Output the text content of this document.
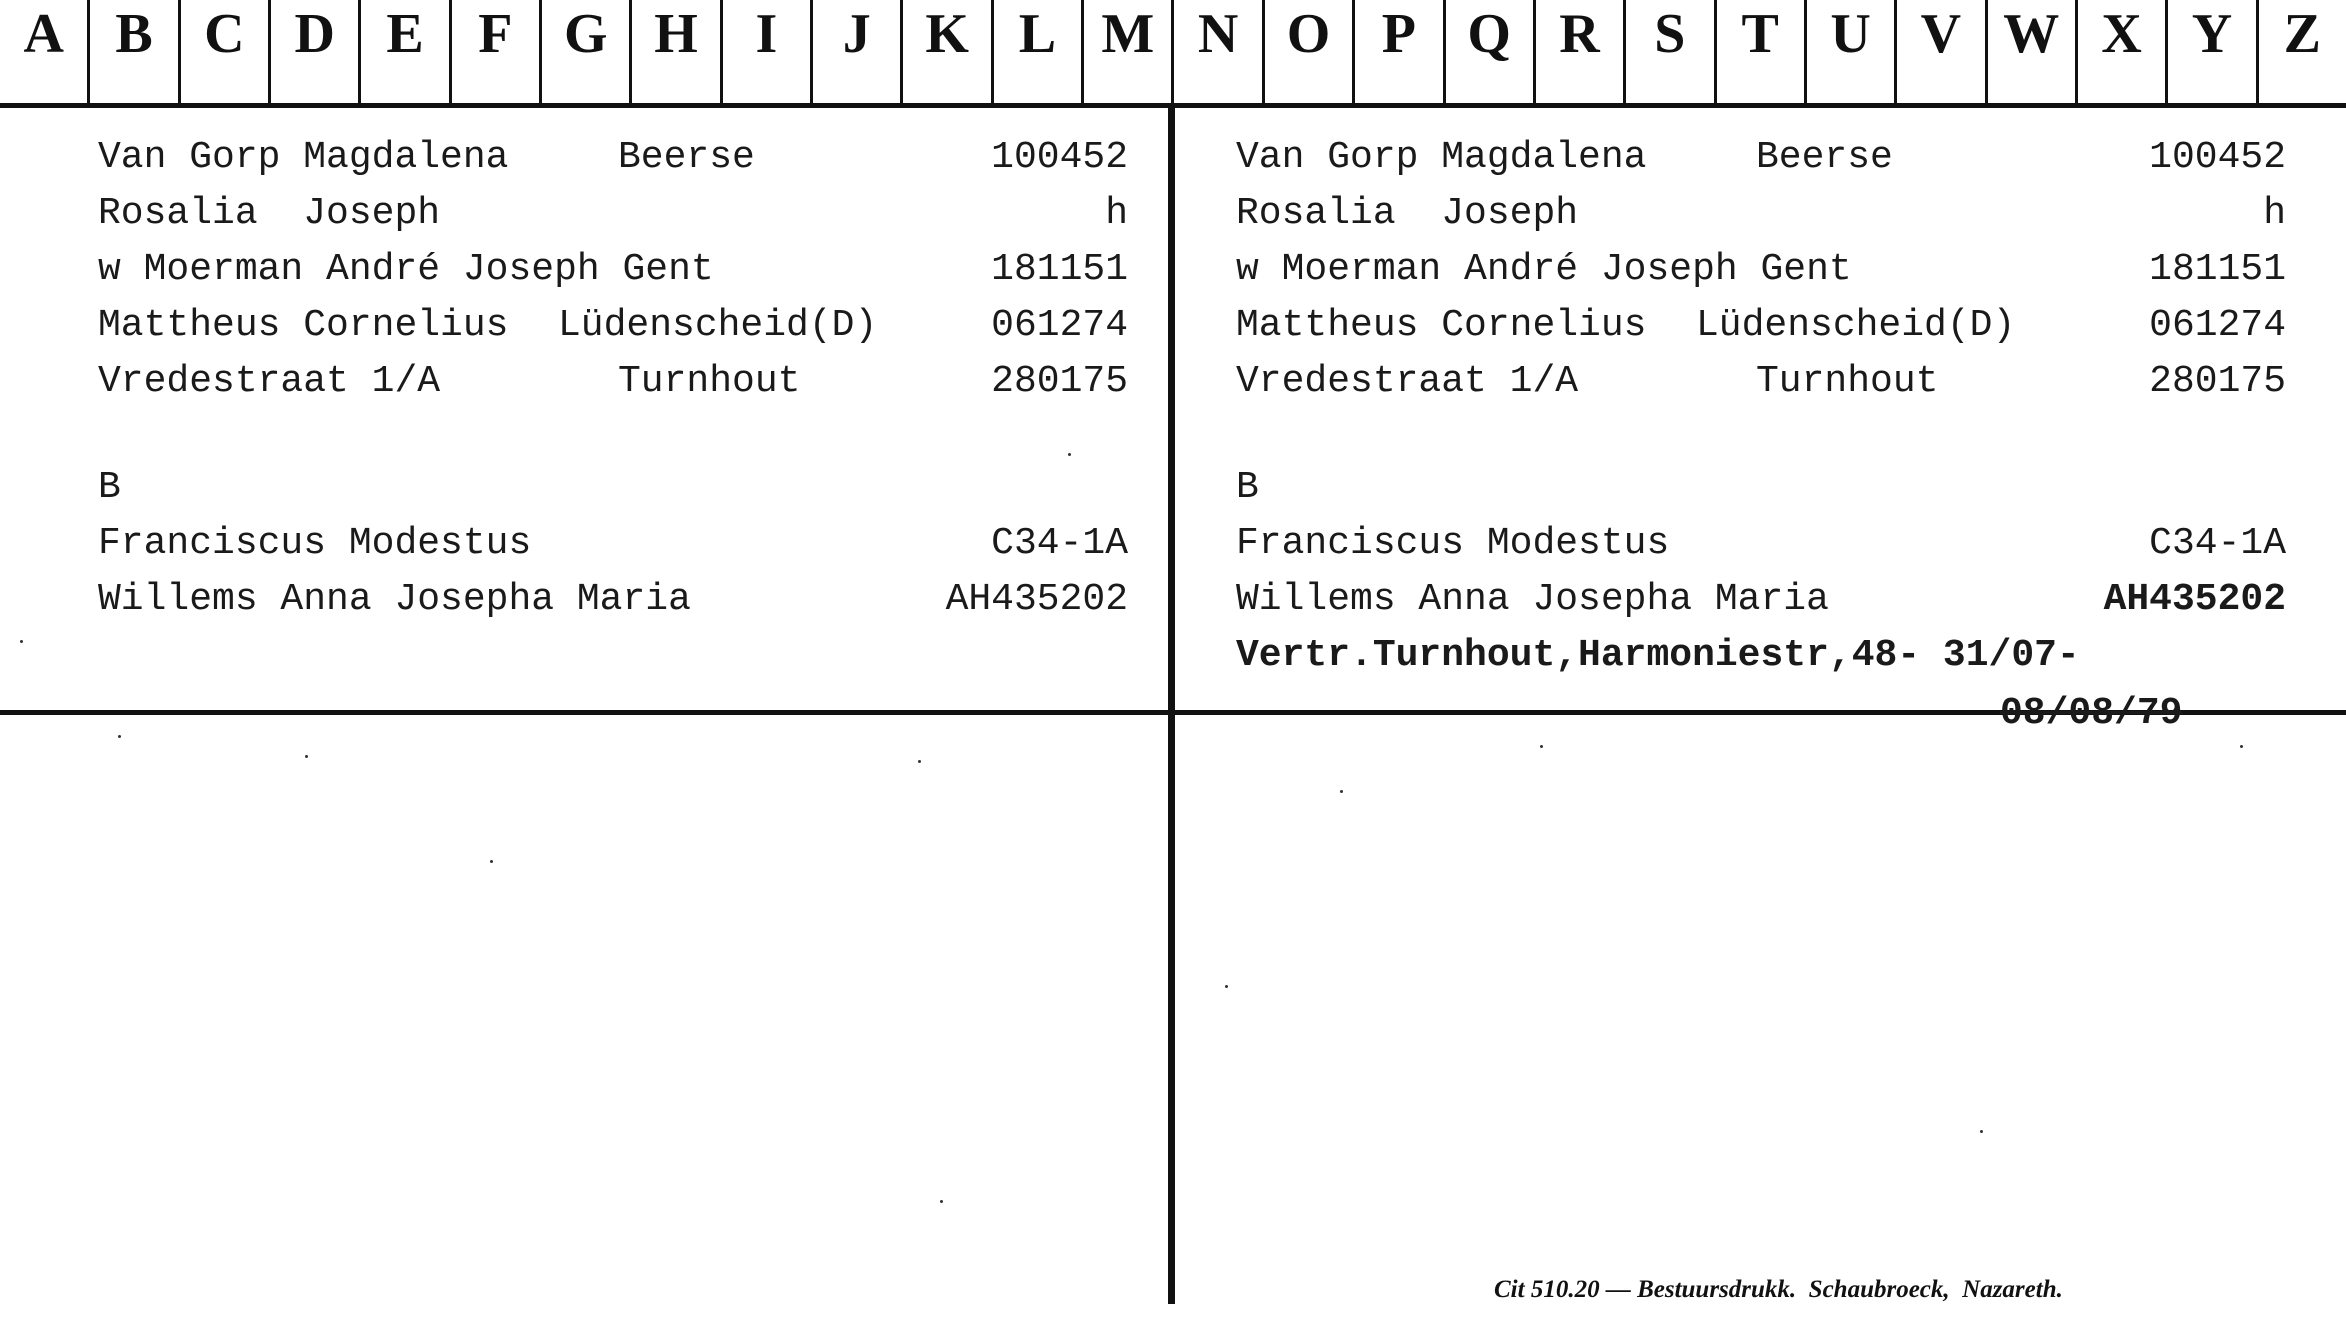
A B C D E F G H	I	J K L M N O P Q R S	T U V W X Y Z
Van Gorp Magdalena	Beerse	100452
Rosalia  Joseph	h
w Moerman André Joseph Gent	181151
Mattheus Cornelius	Lüdenscheid(D)	061274
Vredestraat 1/A	Turnhout	280175
B
Franciscus Modestus	C34-1A
Willems Anna Josepha Maria	AH435202
Van Gorp Magdalena	Beerse	100452
Rosalia  Joseph	h
w Moerman André Joseph Gent	181151
Mattheus Cornelius	Lüdenscheid(D)	061274
Vredestraat 1/A	Turnhout	280175
B
Franciscus Modestus	C34-1A
Willems Anna Josepha Maria	AH435202
Vertr.Turnhout,Harmoniestr,48- 31/07-
08/08/79
Cit 510.20 — Bestuursdrukk.  Schaubroeck,  Nazareth.
